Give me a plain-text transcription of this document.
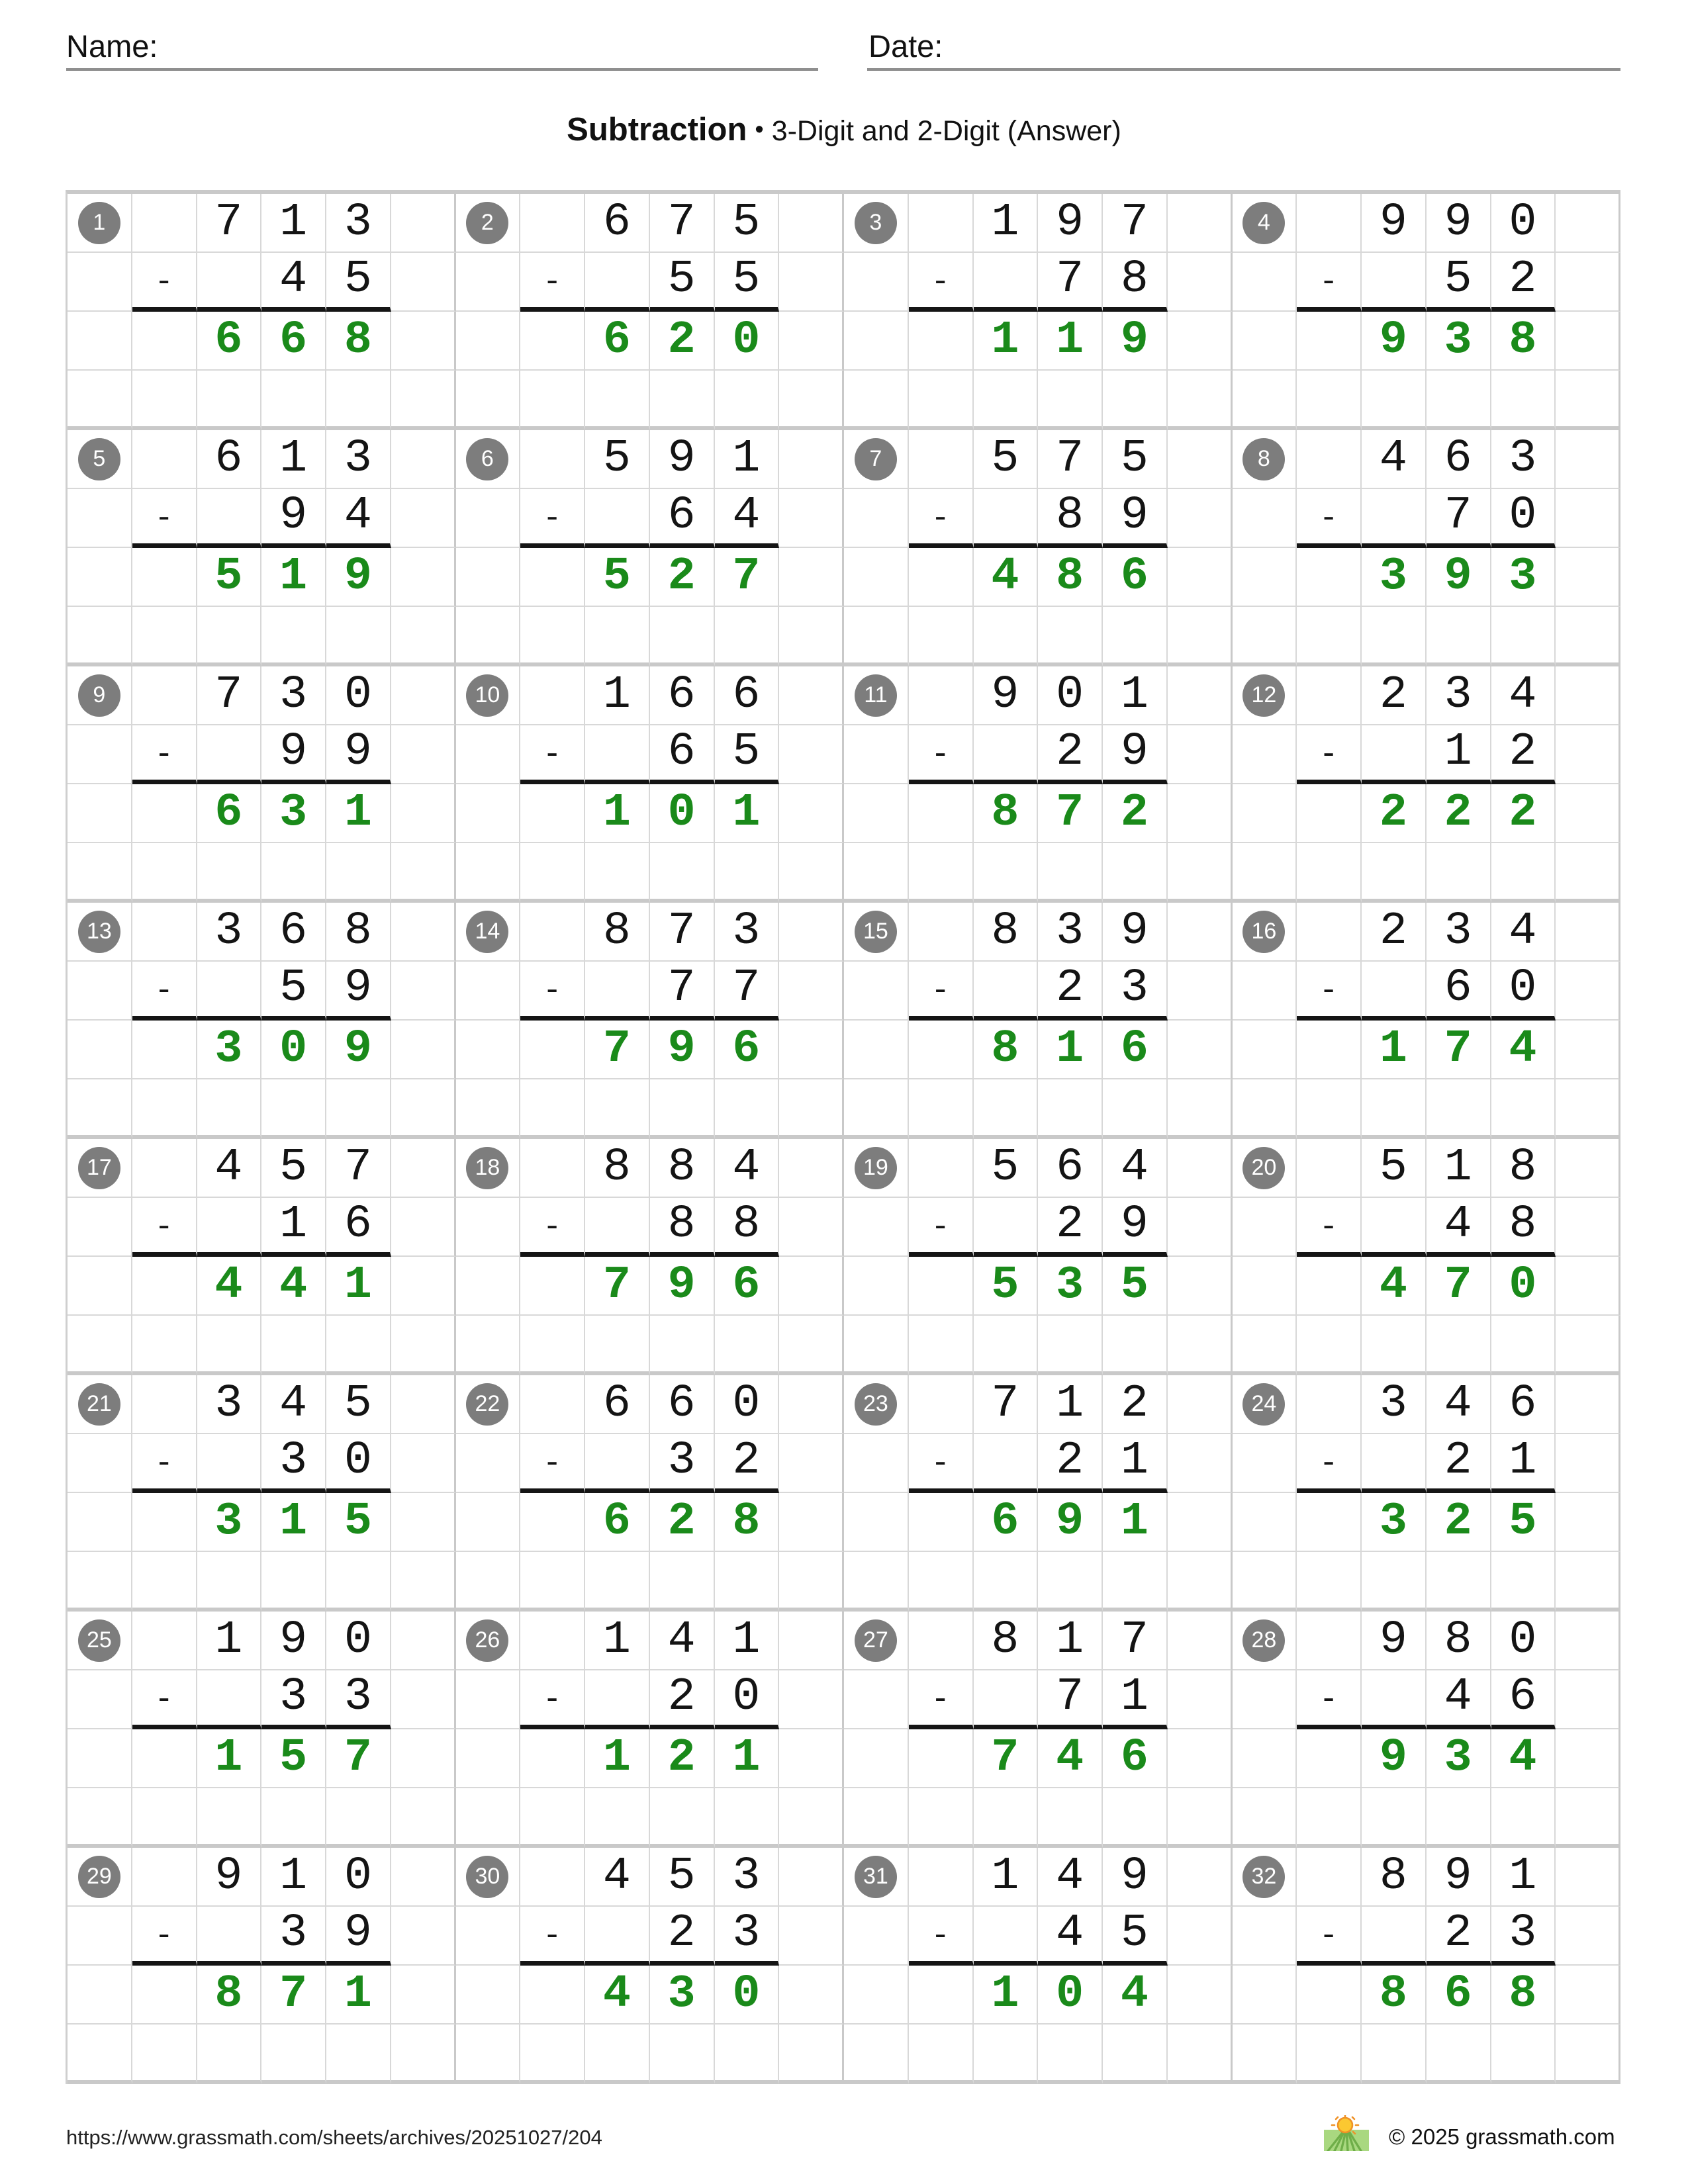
Name:	Date:
Subtraction • 3-Digit and 2-Digit (Answer)
1	7 1 3	2	6 7 5	3	1 9 7	4	9 9 0
- 4 5	- 5 5	- 7 8	- 5 2
6 6 8	6 2 0	1 1 9	9 3 8
5	6 1 3	6	5 9 1	7	5 7 5	8	4 6 3
- 9 4	- 6 4	- 8 9	- 7 0
5 1 9	5 2 7	4 8 6	3 9 3
9	7 3 0	10 1 6 6	11 9 0 1	12 2 3 4
- 9 9	- 6 5	- 2 9	- 1 2
6 3 1	1 0 1	8 7 2	2 2 2
13 3 6 8	14 8 7 3	15 8 3 9	16 2 3 4
- 5 9	- 7 7	- 2 3	- 6 0
3 0 9	7 9 6	8 1 6	1 7 4
17 4 5 7	18 8 8 4	19 5 6 4	20 5 1 8
- 1 6	- 8 8	- 2 9	- 4 8
4 4 1	7 9 6	5 3 5	4 7 0
21 3 4 5	22 6 6 0	23 7 1 2	24 3 4 6
- 3 0	- 3 2	- 2 1	- 2 1
3 1 5	6 2 8	6 9 1	3 2 5
25 1 9 0	26 1 4 1	27 8 1 7	28 9 8 0
- 3 3	- 2 0	- 7 1	- 4 6
1 5 7	1 2 1	7 4 6	9 3 4
29 9 1 0	30 4 5 3	31 1 4 9	32 8 9 1
- 3 9	- 2 3	- 4 5	- 2 3
8 7 1	4 3 0	1 0 4	8 6 8
https://www.grassmath.com/sheets/archives/20251027/204	© 2025 grassmath.com
